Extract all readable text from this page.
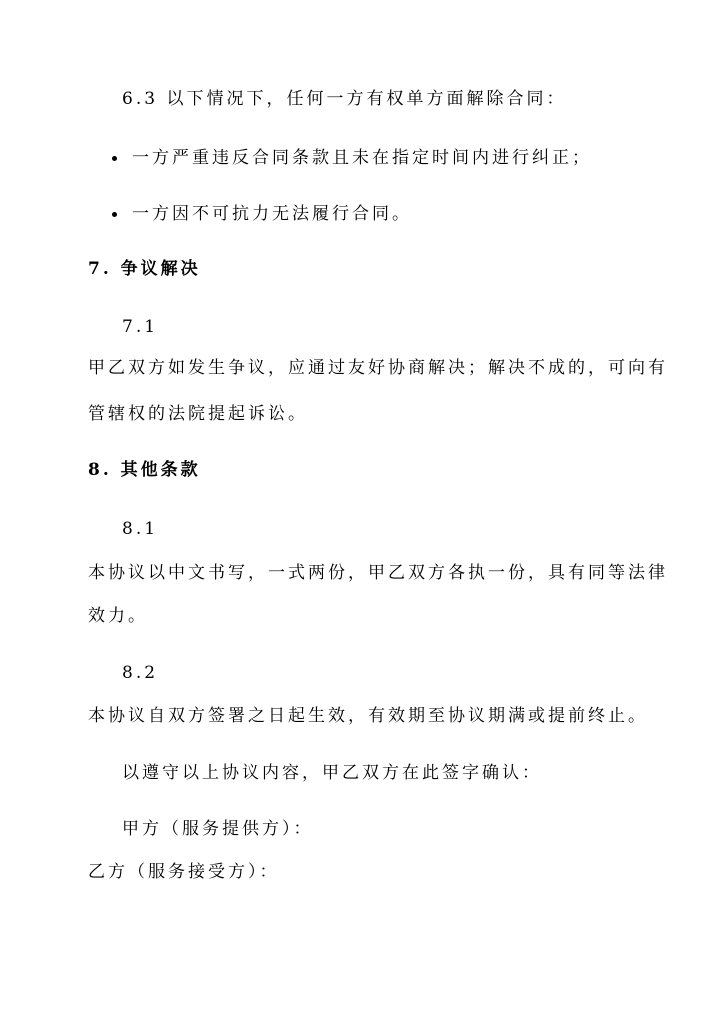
6.3 以下情况下，任何一方有权单方面解除合同：
一方严重违反合同条款且未在指定时间内进行纠正；
一方因不可抗力无法履行合同。
7. 争议解决
7.1
甲乙双方如发生争议，应通过友好协商解决；解决不成的，可向有
管辖权的法院提起诉讼。
8. 其他条款
8.1
本协议以中文书写，一式两份，甲乙双方各执一份，具有同等法律
效力。
8.2
本协议自双方签署之日起生效，有效期至协议期满或提前终止。
以遵守以上协议内容，甲乙双方在此签字确认：
甲方（服务提供方）：
乙方（服务接受方）：
